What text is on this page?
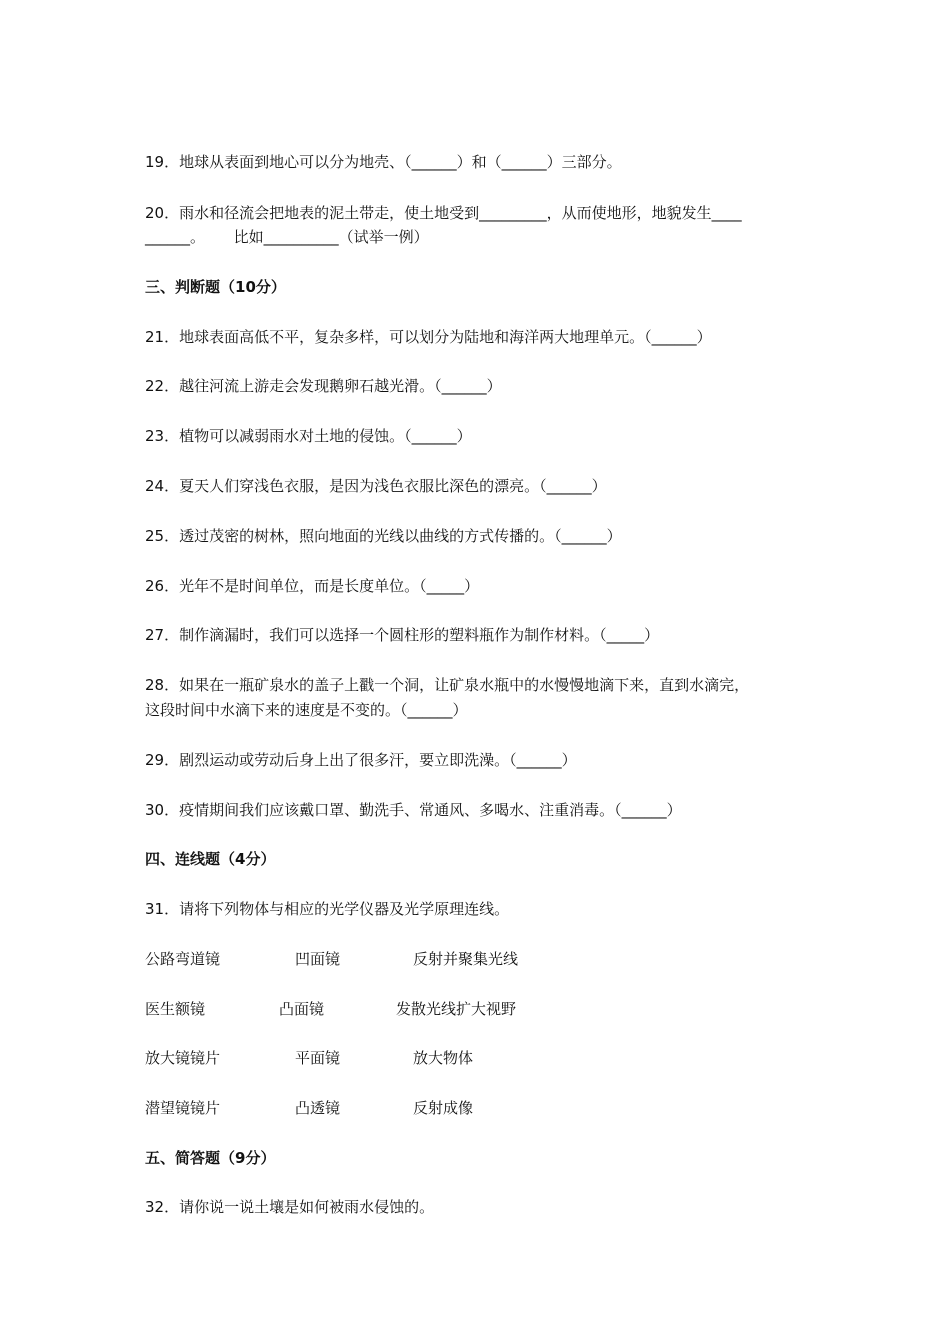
19．地球从表面到地心可以分为地壳、（______）和（______）三部分。
20．雨水和径流会把地表的泥土带走，使土地受到_________，从而使地形，地貌发生____
______。      比如__________（试举一例）
三、判断题（10分）
21．地球表面高低不平，复杂多样，可以划分为陆地和海洋两大地理单元。（______）
22．越往河流上游走会发现鹅卵石越光滑。（______）
23．植物可以减弱雨水对土地的侵蚀。（______）
24．夏天人们穿浅色衣服，是因为浅色衣服比深色的漂亮。（______）
25．透过茂密的树林，照向地面的光线以曲线的方式传播的。（______）
26．光年不是时间单位，而是长度单位。（_____）
27．制作滴漏时，我们可以选择一个圆柱形的塑料瓶作为制作材料。（_____）
28．如果在一瓶矿泉水的盖子上戳一个洞，让矿泉水瓶中的水慢慢地滴下来，直到水滴完，
这段时间中水滴下来的速度是不变的。（______）
29．剧烈运动或劳动后身上出了很多汗，要立即洗澡。（______）
30．疫情期间我们应该戴口罩、勤洗手、常通风、多喝水、注重消毒。（______）
四、连线题（4分）
31．请将下列物体与相应的光学仪器及光学原理连线。
公路弯道镜	凹面镜	反射并聚集光线
医生额镜	凸面镜	发散光线扩大视野
放大镜镜片	平面镜	放大物体
潜望镜镜片	凸透镜	反射成像
五、简答题（9分）
32．请你说一说土壤是如何被雨水侵蚀的。
